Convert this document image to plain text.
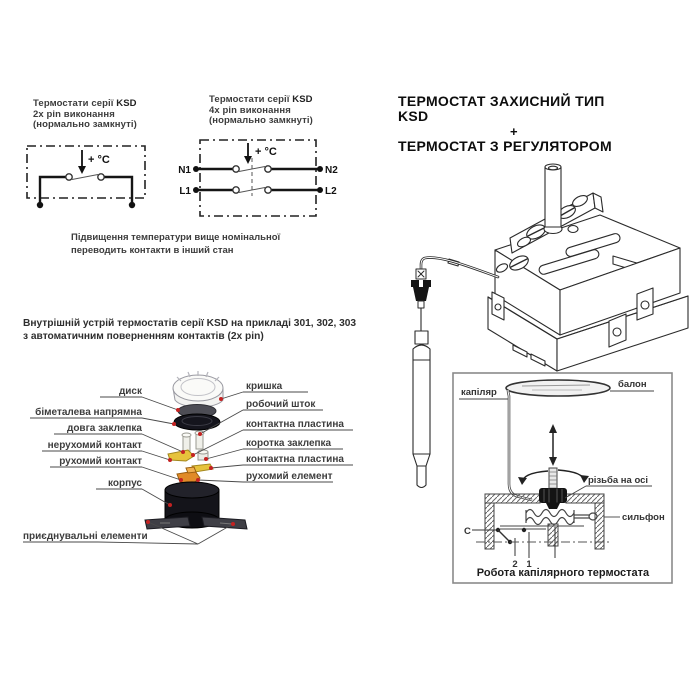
Термостати серії KSD
2х pin виконання
(нормально замкнуті)
Термостати серії KSD
4х pin виконання
(нормально замкнуті)
+ °C
+ °C
N1
L1
N2
L2
Підвищення температури вище номінальної
переводить контакти в інший стан
ТЕРМОСТАТ ЗАХИСНИЙ ТИП KSD
+
ТЕРМОСТАТ З РЕГУЛЯТОРОМ
Внутрішній устрій термостатів серії KSD на прикладі 301, 302, 303
з автоматичним поверненням контактів (2х pin)
диск
біметалева напрямна
довга заклепка
нерухомий контакт
рухомий контакт
корпус
приєднувальні елементи
кришка
робочий шток
контактна пластина
коротка заклепка
контактна пластина
рухомий елемент
капіляр
балон
різьба на осі
сильфон
C
2 1
Робота капілярного термостата
